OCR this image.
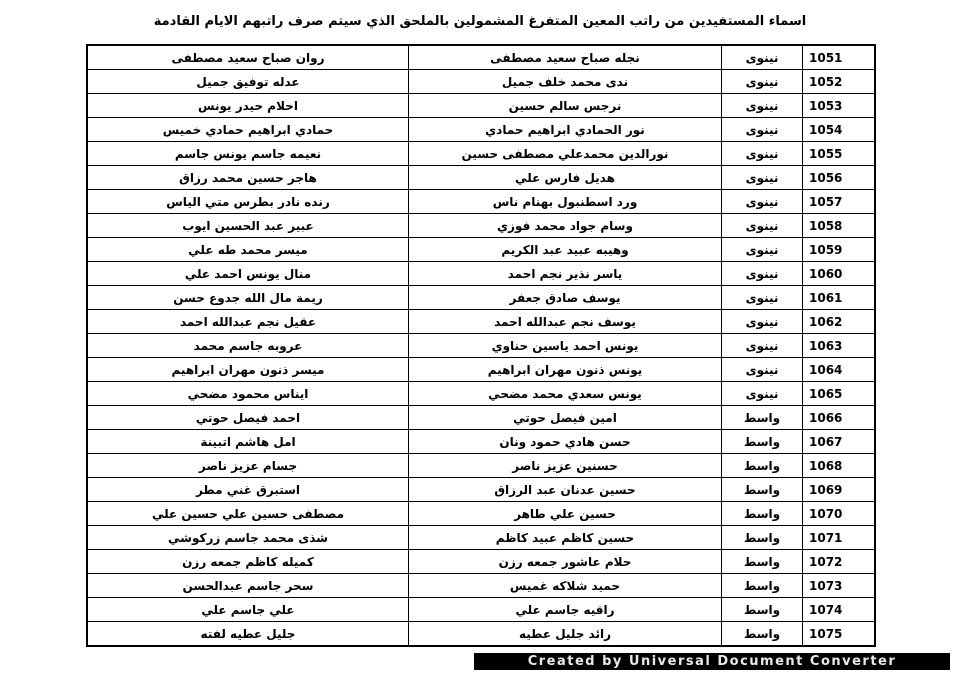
اسماء المستفيدين من راتب المعين المتفرغ المشمولين بالملحق الذي سيتم صرف راتبهم الايام القادمة
1051	نينوى	نجله صباح سعيد مصطفى	روان صباح سعيد مصطفى
1052	نينوى	ندى محمد خلف جميل	عدله توفيق جميل
1053	نينوى	نرجس سالم حسين	احلام حيدر يونس
1054	نينوى	نور الحمادي ابراهيم حمادي	حمادي ابراهيم حمادي خميس
1055	نينوى	نورالدين محمدعلي مصطفى حسين	نعيمه جاسم يونس جاسم
1056	نينوى	هديل فارس علي	هاجر حسين محمد رزاق
1057	نينوى	ورد اسطنبول بهنام ناس	رنده نادر بطرس متي الياس
1058	نينوى	وسام جواد محمد فوزي	عبير عبد الحسين ايوب
1059	نينوى	وهيبه عبيد عبد الكريم	ميسر محمد طه علي
1060	نينوى	ياسر نذير نجم احمد	منال يونس احمد علي
1061	نينوى	يوسف صادق جعفر	ريمة مال الله جدوع حسن
1062	نينوى	يوسف نجم عبدالله احمد	عقيل نجم عبدالله احمد
1063	نينوى	يونس احمد ياسين حناوي	عروبه جاسم محمد
1064	نينوى	يونس ذنون مهران ابراهيم	ميسر ذنون مهران ابراهيم
1065	نينوى	يونس سعدي محمد مضحي	ايناس محمود مضحي
1066	واسط	امين فيصل حوتي	احمد فيصل حوتي
1067	واسط	حسن هادي حمود ونان	امل هاشم اتبينة
1068	واسط	حسنين عزيز ناصر	جسام عزيز ناصر
1069	واسط	حسين عدنان عبد الرزاق	استبرق غني مطر
1070	واسط	حسين علي طاهر	مصطفى حسين علي حسين علي
1071	واسط	حسين كاظم عبيد كاظم	شذى محمد جاسم زركوشي
1072	واسط	حلام عاشور جمعه رزن	كميله كاظم جمعه رزن
1073	واسط	حميد شلاكه غميس	سحر جاسم عبدالحسن
1074	واسط	راقيه جاسم علي	علي جاسم علي
1075	واسط	رائد جليل عطيه	جليل عطيه لفته
Created by Universal Document Converter
